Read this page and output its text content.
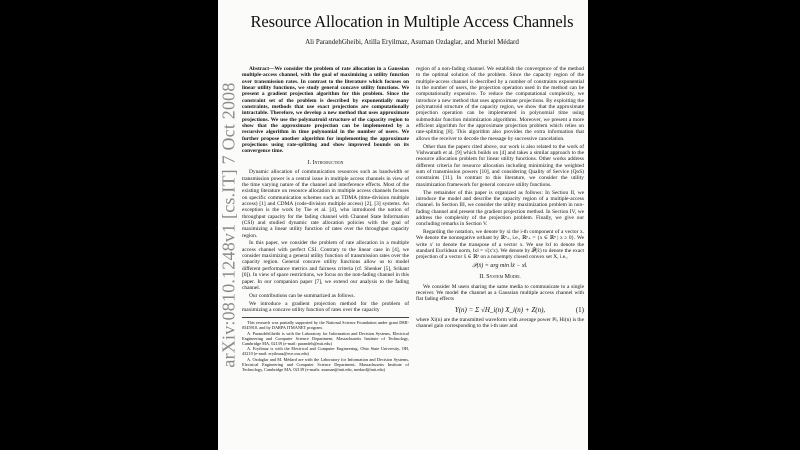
arXiv:0810.1248v1 [cs.IT] 7 Oct 2008
Resource Allocation in Multiple Access Channels
Ali ParandehGheibi, Atilla Eryilmaz, Asuman Ozdaglar, and Muriel Médard

Abstract—We consider the problem of rate allocation in a Gaussian multiple-access channel, with the goal of maximizing a utility function over transmission rates. In contrast to the literature which focuses on linear utility functions, we study general concave utility functions. We present a gradient projection algorithm for this problem. Since the constraint set of the problem is described by exponentially many constraints, methods that use exact projections are computationally intractable. Therefore, we develop a new method that uses approximate projections. We use the polymatroid structure of the capacity region to show that the approximate projection can be implemented by a recursive algorithm in time polynomial in the number of users. We further propose another algorithm for implementing the approximate projections using rate-splitting and show improved bounds on its convergence time.

I. Introduction

Dynamic allocation of communication resources such as bandwidth or transmission power is a central issue in multiple access channels in view of the time varying nature of the channel and interference effects. Most of the existing literature on resource allocation in multiple access channels focuses on specific communication schemes such as TDMA (time-division multiple access) [1] and CDMA (code-division multiple access) [2], [3] systems. An exception is the work by Tse et al. [4], who introduced the notion of throughput capacity for the fading channel with Channel State Information (CSI) and studied dynamic rate allocation policies with the goal of maximizing a linear utility function of rates over the throughput capacity region.

In this paper, we consider the problem of rate allocation in a multiple access channel with perfect CSI. Contrary to the linear case in [4], we consider maximizing a general utility function of transmission rates over the capacity region. General concave utility functions allow us to model different performance metrics and fairness criteria (cf. Shenker [5], Srikant [6]). In view of space restrictions, we focus on the non-fading channel in this paper. In our companion paper [7], we extend our analysis to the fading channel.

Our contributions can be summarized as follows.

We introduce a gradient projection method for the problem of maximizing a concave utility function of rates over the capacity

This research was partially supported by the National Science Foundation under grant DMI-0545910, and by DARPA ITMANET program.

A. ParandehGheibi is with the Laboratory for Information and Decision Systems, Electrical Engineering and Computer Science Department, Massachusetts Institute of Technology, Cambridge MA, 02139 (e-mail: parandeh@mit.edu)

A. Eryilmaz is with the Electrical and Computer Engineering, Ohio State University, OH, 43210 (e-mail: eryilmaz@ece.osu.edu)

A. Ozdaglar and M. Médard are with the Laboratory for Information and Decision Systems, Electrical Engineering and Computer Science Department, Massachusetts Institute of Technology, Cambridge MA, 02139 (e-mails: asuman@mit.edu, medard@mit.edu)

region of a non-fading channel. We establish the convergence of the method to the optimal solution of the problem. Since the capacity region of the multiple-access channel is described by a number of constraints exponential in the number of users, the projection operation used in the method can be computationally expensive. To reduce the computational complexity, we introduce a new method that uses approximate projections. By exploiting the polymatroid structure of the capacity region, we show that the approximate projection operation can be implemented in polynomial time using submodular function minimization algorithms. Moreover, we present a more efficient algorithm for the approximate projection problem which relies on rate-splitting [8]. This algorithm also provides the extra information that allows the receiver to decode the message by successive cancelation.

Other than the papers cited above, our work is also related to the work of Vishwanath et al. [9] which builds on [4] and takes a similar approach to the resource allocation problem for linear utility functions. Other works address different criteria for resource allocation including minimizing the weighted sum of transmission powers [10], and considering Quality of Service (QoS) constraints [11]. In contrast to this literature, we consider the utility maximization framework for general concave utility functions.

The remainder of this paper is organized as follows: In Section II, we introduce the model and describe the capacity region of a multiple-access channel. In Section III, we consider the utility maximization problem in non-fading channel and present the gradient projection method. In Section IV, we address the complexity of the projection problem. Finally, we give our concluding remarks in Section V.

Regarding the notation, we denote by xi the i-th component of a vector x. We denote the nonnegative orthant by ℝⁿ₊, i.e., ℝⁿ₊ = {x ∈ ℝⁿ | x ≥ 0}. We write x′ to denote the transpose of a vector x. We use ‖x‖ to denote the standard Euclidean norm, ‖x‖ = √(x′x). We denote by 𝒫(x̄) to denote the exact projection of a vector x̄ ∈ ℝⁿ on a nonempty closed convex set X, i.e.,

𝒫(x̄) = arg min ‖x̄ − x‖.
II. System Model

We consider M users sharing the same media to communicate to a single receiver. We model the channel as a Gaussian multiple access channel with flat fading effects

Y(n) = Σ √H_i(n) X_i(n) + Z(n),	(1)

where Xi(n) are the transmitted waveform with average power Pi, Hi(n) is the channel gain corresponding to the i-th user and
